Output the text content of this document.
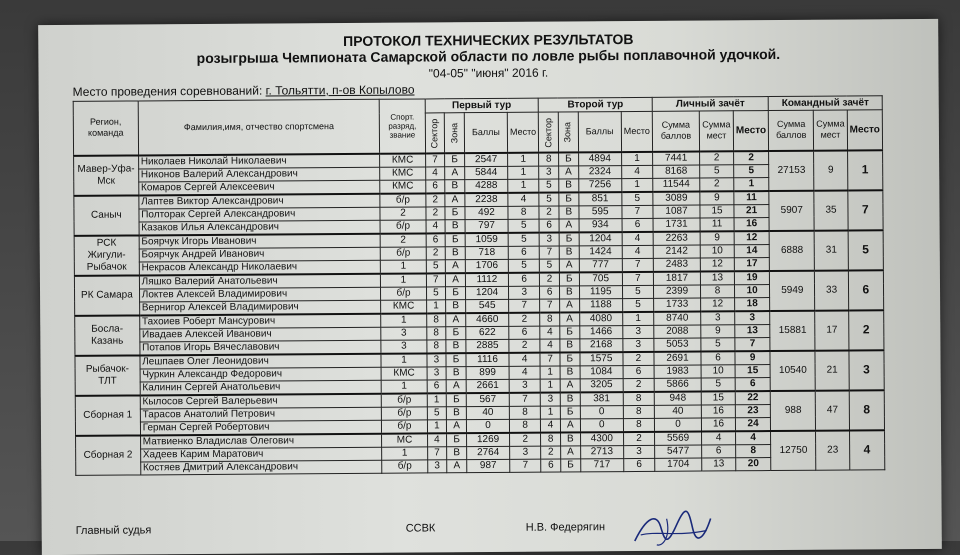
ПРОТОКОЛ ТЕХНИЧЕСКИХ РЕЗУЛЬТАТОВ
розыгрыша Чемпионата Самарской области по ловле рыбы поплавочной удочкой.
"04-05" "июня" 2016 г.
Место проведения соревнований: г. Тольятти, п-ов Копылово
Регион, команда	Фамилия,имя, отчество спортсмена	Спорт. разряд, звание	Первый тур				Второй тур				Личный зачёт			Командный зачёт		
			Сектор	Зона	Баллы	Место	Сектор	Зона	Баллы	Место	Сумма баллов	Сумма мест	Место	Сумма баллов	Сумма мест	Место
Мавер-Уфа-Мск	Николаев Николай Николаевич	КМС	7	Б	2547	1	8	Б	4894	1	7441	2	2	27153	9	1
	Никонов Валерий Александрович	КМС	4	А	5844	1	3	А	2324	4	8168	5	5			
	Комаров Сергей Алексеевич	КМС	6	В	4288	1	5	В	7256	1	11544	2	1			
Саныч	Лаптев Виктор Александрович	б/р	2	А	2238	4	5	Б	851	5	3089	9	11	5907	35	7
	Полторак Сергей Александрович	2	2	Б	492	8	2	В	595	7	1087	15	21			
	Казаков Илья Александрович	б/р	4	В	797	5	6	А	934	6	1731	11	16			
РСК Жигули-Рыбачок	Боярчук Игорь Иванович	2	6	Б	1059	5	3	Б	1204	4	2263	9	12	6888	31	5
	Боярчук Андрей Иванович	б/р	2	В	718	6	7	В	1424	4	2142	10	14			
	Некрасов Александр Николаевич	1	5	А	1706	5	5	А	777	7	2483	12	17			
РК Самара	Ляшко Валерий Анатольевич	1	7	А	1112	6	2	Б	705	7	1817	13	19	5949	33	6
	Локтев Алексей Владимирович	б/р	5	Б	1204	3	6	В	1195	5	2399	8	10			
	Вернигор Алексей Владимирович	КМС	1	В	545	7	7	А	1188	5	1733	12	18			
Босла-Казань	Тахоиев Роберт Мансурович	1	8	А	4660	2	8	А	4080	1	8740	3	3	15881	17	2
	Ивадаев Алексей Иванович	3	8	Б	622	6	4	Б	1466	3	2088	9	13			
	Потапов Игорь Вячеславович	3	8	В	2885	2	4	В	2168	3	5053	5	7			
Рыбачок-ТЛТ	Лешпаев Олег Леонидович	1	3	Б	1116	4	7	Б	1575	2	2691	6	9	10540	21	3
	Чуркин Александр Федорович	КМС	3	В	899	4	1	В	1084	6	1983	10	15			
	Калинин Сергей Анатольевич	1	6	А	2661	3	1	А	3205	2	5866	5	6			
Сборная 1	Кылосов Сергей Валерьевич	б/р	1	Б	567	7	3	В	381	8	948	15	22	988	47	8
	Тарасов Анатолий Петрович	б/р	5	В	40	8	1	Б	0	8	40	16	23			
	Герман Сергей Робертович	б/р	1	А	0	8	4	А	0	8	0	16	24			
Сборная 2	Матвиенко Владислав Олегович	МС	4	Б	1269	2	8	В	4300	2	5569	4	4	12750	23	4
	Хадеев Карим Маратович	1	7	В	2764	3	2	А	2713	3	5477	6	8			
	Костяев Дмитрий Александрович	б/р	3	А	987	7	6	Б	717	6	1704	13	20			
Главный судья	ССВК	Н.В. Федерягин
